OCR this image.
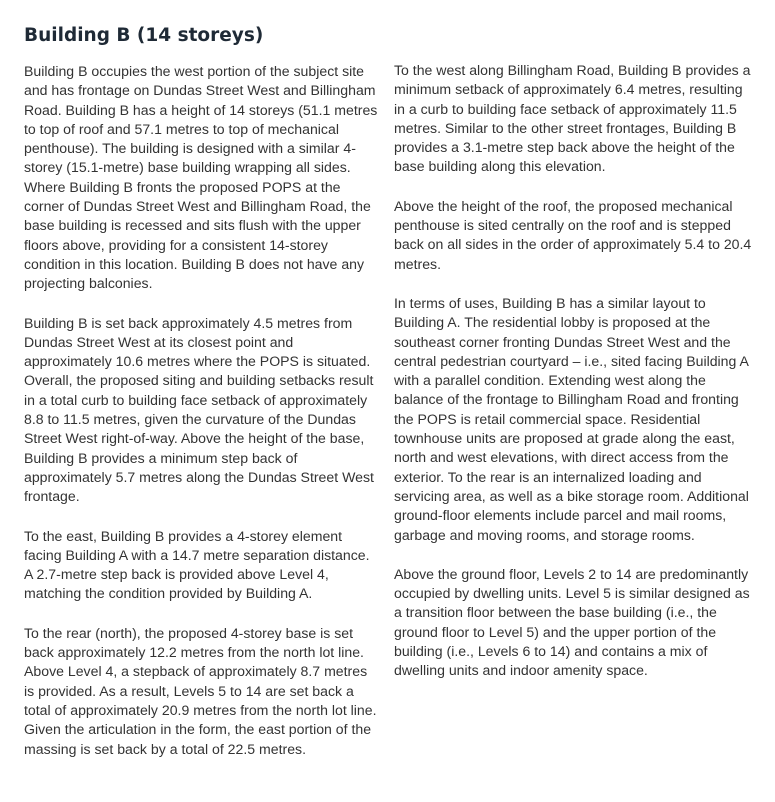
Building B (14 storeys)

Building B occupies the west portion of the subject site and has frontage on Dundas Street West and Billingham Road. Building B has a height of 14 storeys (51.1 metres to top of roof and 57.1 metres to top of mechanical penthouse). The building is designed with a similar 4-storey (15.1-metre) base building wrapping all sides. Where Building B fronts the proposed POPS at the corner of Dundas Street West and Billingham Road, the base building is recessed and sits flush with the upper floors above, providing for a consistent 14-storey condition in this location. Building B does not have any projecting balconies.

Building B is set back approximately 4.5 metres from Dundas Street West at its closest point and approximately 10.6 metres where the POPS is situated. Overall, the proposed siting and building setbacks result in a total curb to building face setback of approximately 8.8 to 11.5 metres, given the curvature of the Dundas Street West right-of-way. Above the height of the base, Building B provides a minimum step back of approximately 5.7 metres along the Dundas Street West frontage.

To the east, Building B provides a 4-storey element facing Building A with a 14.7 metre separation distance. A 2.7-metre step back is provided above Level 4, matching the condition provided by Building A.

To the rear (north), the proposed 4-storey base is set back approximately 12.2 metres from the north lot line. Above Level 4, a stepback of approximately 8.7 metres is provided. As a result, Levels 5 to 14 are set back a total of approximately 20.9 metres from the north lot line. Given the articulation in the form, the east portion of the massing is set back by a total of 22.5 metres.

To the west along Billingham Road, Building B provides a minimum setback of approximately 6.4 metres, resulting in a curb to building face setback of approximately 11.5 metres. Similar to the other street frontages, Building B provides a 3.1-metre step back above the height of the base building along this elevation.

Above the height of the roof, the proposed mechanical penthouse is sited centrally on the roof and is stepped back on all sides in the order of approximately 5.4 to 20.4 metres.

In terms of uses, Building B has a similar layout to Building A. The residential lobby is proposed at the southeast corner fronting Dundas Street West and the central pedestrian courtyard – i.e., sited facing Building A with a parallel condition. Extending west along the balance of the frontage to Billingham Road and fronting the POPS is retail commercial space. Residential townhouse units are proposed at grade along the east, north and west elevations, with direct access from the exterior. To the rear is an internalized loading and servicing area, as well as a bike storage room. Additional ground-floor elements include parcel and mail rooms, garbage and moving rooms, and storage rooms.

Above the ground floor, Levels 2 to 14 are predominantly occupied by dwelling units. Level 5 is similar designed as a transition floor between the base building (i.e., the ground floor to Level 5) and the upper portion of the building (i.e., Levels 6 to 14) and contains a mix of dwelling units and indoor amenity space.
